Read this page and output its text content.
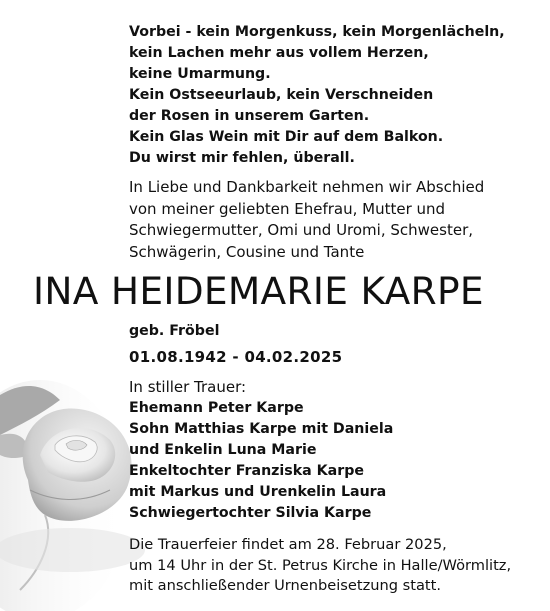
Vorbei - kein Morgenkuss, kein Morgenlächeln,
kein Lachen mehr aus vollem Herzen,
keine Umarmung.
Kein Ostseeurlaub, kein Verschneiden
der Rosen in unserem Garten.
Kein Glas Wein mit Dir auf dem Balkon.
Du wirst mir fehlen, überall.

In Liebe und Dankbarkeit nehmen wir Abschied
von meiner geliebten Ehefrau, Mutter und
Schwiegermutter, Omi und Uromi, Schwester,
Schwägerin, Cousine und Tante

INA HEIDEMARIE KARPE

geb. Fröbel

01.08.1942 - 04.02.2025

In stiller Trauer:

Ehemann Peter Karpe
Sohn Matthias Karpe mit Daniela
und Enkelin Luna Marie
Enkeltochter Franziska Karpe
mit Markus und Urenkelin Laura
Schwiegertochter Silvia Karpe

Die Trauerfeier findet am 28. Februar 2025,
um 14 Uhr in der St. Petrus Kirche in Halle/Wörmlitz,
mit anschließender Urnenbeisetzung statt.
